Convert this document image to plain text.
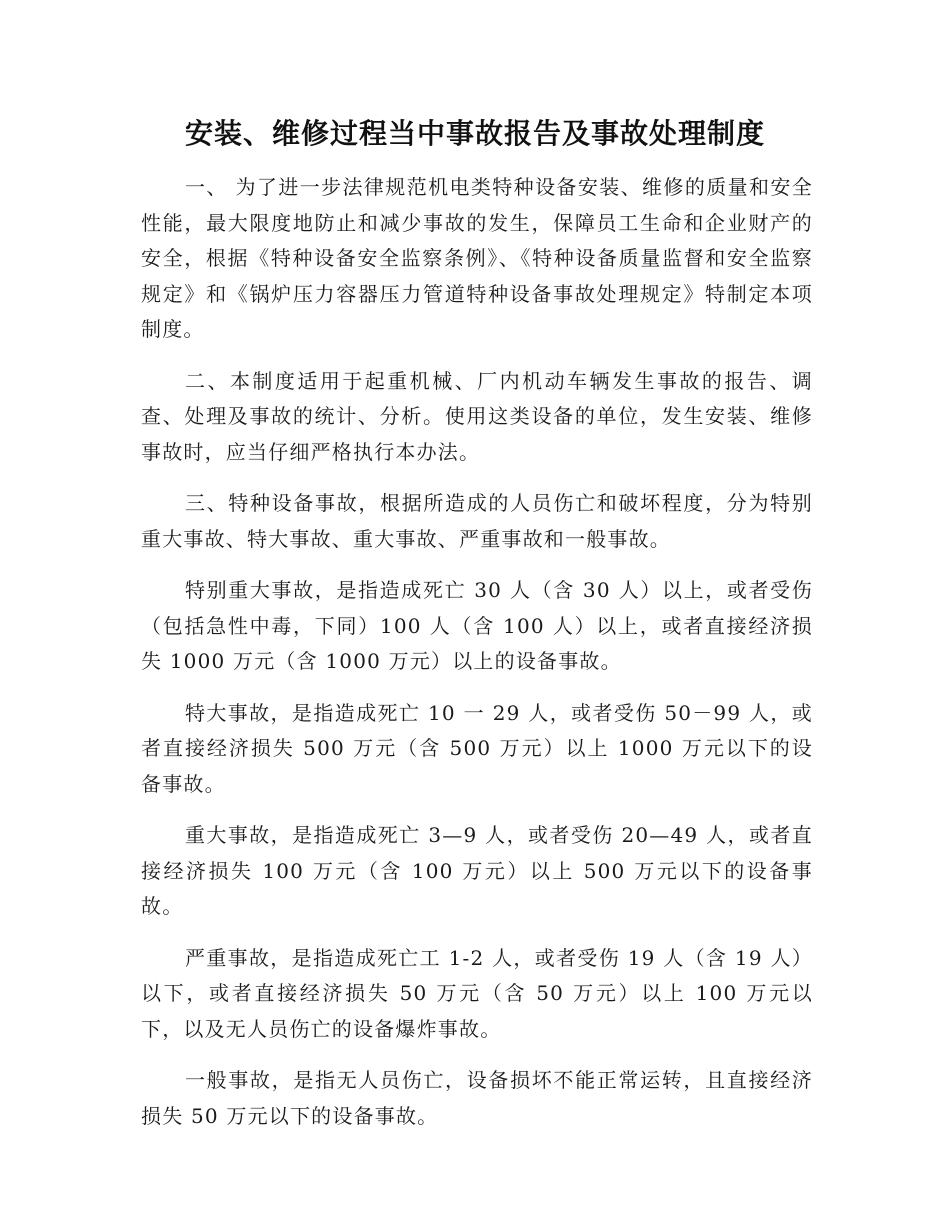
安装、维修过程当中事故报告及事故处理制度

一、 为了进一步法律规范机电类特种设备安装、维修的质量和安全性能，最大限度地防止和减少事故的发生，保障员工生命和企业财产的安全，根据《特种设备安全监察条例》、《特种设备质量监督和安全监察规定》和《锅炉压力容器压力管道特种设备事故处理规定》特制定本项制度。

二、本制度适用于起重机械、厂内机动车辆发生事故的报告、调查、处理及事故的统计、分析。使用这类设备的单位，发生安装、维修事故时，应当仔细严格执行本办法。

三、特种设备事故，根据所造成的人员伤亡和破坏程度，分为特别重大事故、特大事故、重大事故、严重事故和一般事故。

特别重大事故，是指造成死亡 30 人（含 30 人）以上，或者受伤（包括急性中毒，下同）100 人（含 100 人）以上，或者直接经济损失 1000 万元（含 1000 万元）以上的设备事故。

特大事故，是指造成死亡 10 一 29 人，或者受伤 50－99 人，或者直接经济损失 500 万元（含 500 万元）以上 1000 万元以下的设备事故。

重大事故，是指造成死亡 3—9 人，或者受伤 20—49 人，或者直接经济损失 100 万元（含 100 万元）以上 500 万元以下的设备事故。

严重事故，是指造成死亡工 1-2 人，或者受伤 19 人（含 19 人）以下，或者直接经济损失 50 万元（含 50 万元）以上 100 万元以下，以及无人员伤亡的设备爆炸事故。

一般事故，是指无人员伤亡，设备损坏不能正常运转，且直接经济损失 50 万元以下的设备事故。
